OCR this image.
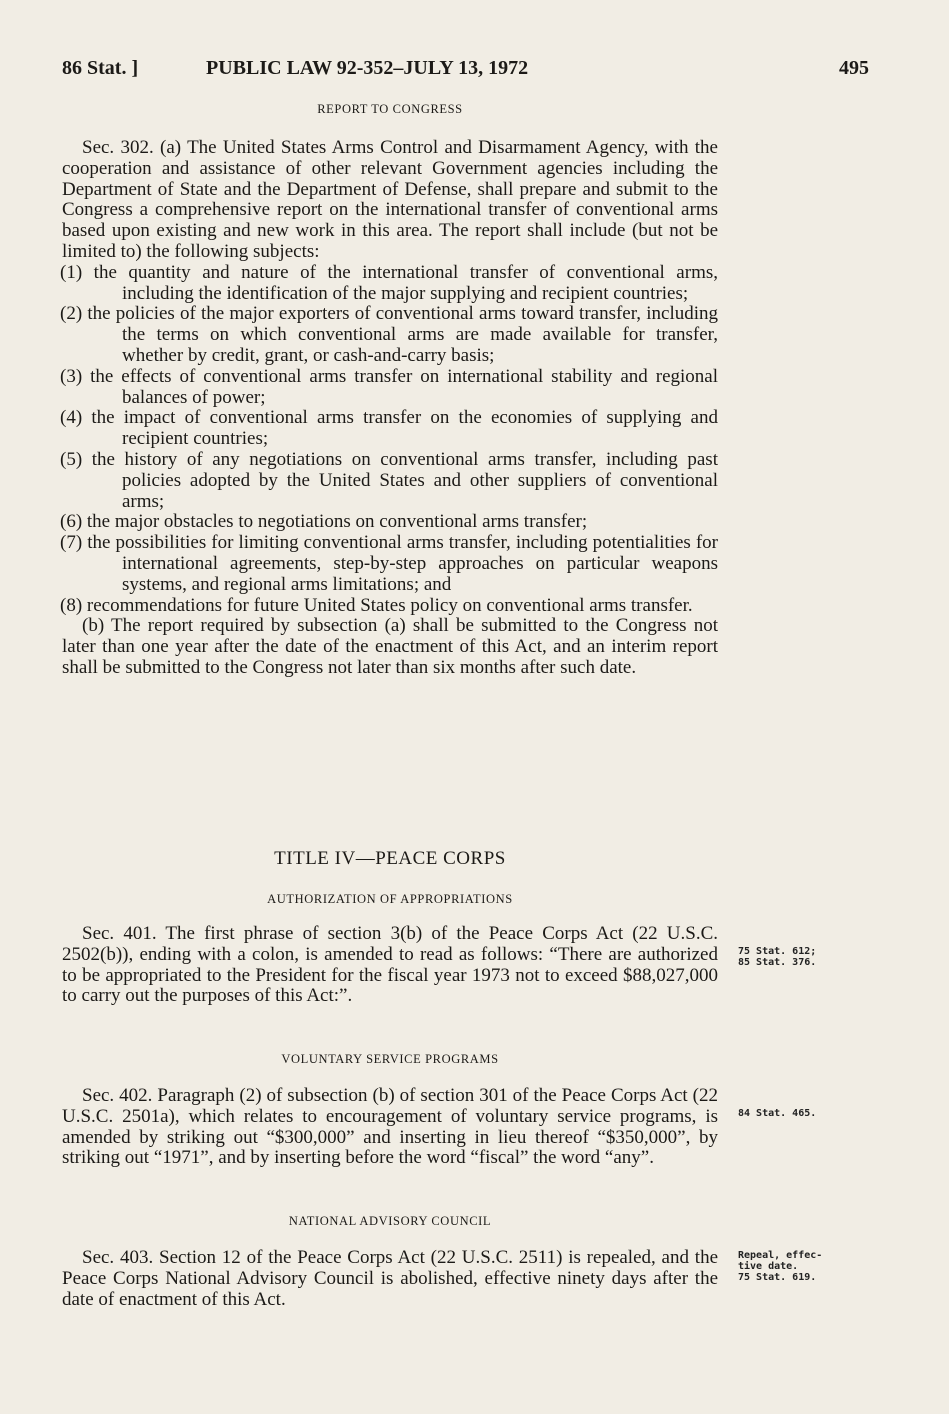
86 Stat. ]	PUBLIC LAW 92-352–JULY 13, 1972	495
REPORT TO CONGRESS

Sec. 302. (a) The United States Arms Control and Disarmament Agency, with the cooperation and assistance of other relevant Government agencies including the Department of State and the Department of Defense, shall prepare and submit to the Congress a comprehensive report on the international transfer of conventional arms based upon existing and new work in this area. The report shall include (but not be limited to) the following subjects:

(1) the quantity and nature of the international transfer of conventional arms, including the identification of the major supplying and recipient countries;

(2) the policies of the major exporters of conventional arms toward transfer, including the terms on which conventional arms are made available for transfer, whether by credit, grant, or cash-and-carry basis;

(3) the effects of conventional arms transfer on international stability and regional balances of power;

(4) the impact of conventional arms transfer on the economies of supplying and recipient countries;

(5) the history of any negotiations on conventional arms transfer, including past policies adopted by the United States and other suppliers of conventional arms;

(6) the major obstacles to negotiations on conventional arms transfer;

(7) the possibilities for limiting conventional arms transfer, including potentialities for international agreements, step-by-step approaches on particular weapons systems, and regional arms limitations; and

(8) recommendations for future United States policy on conventional arms transfer.

(b) The report required by subsection (a) shall be submitted to the Congress not later than one year after the date of the enactment of this Act, and an interim report shall be submitted to the Congress not later than six months after such date.

TITLE IV—PEACE CORPS
AUTHORIZATION OF APPROPRIATIONS

Sec. 401. The first phrase of section 3(b) of the Peace Corps Act (22 U.S.C. 2502(b)), ending with a colon, is amended to read as follows: “There are authorized to be appropriated to the President for the fiscal year 1973 not to exceed $88,027,000 to carry out the purposes of this Act:”.

75 Stat. 612;
85 Stat. 376.
VOLUNTARY SERVICE PROGRAMS

Sec. 402. Paragraph (2) of subsection (b) of section 301 of the Peace Corps Act (22 U.S.C. 2501a), which relates to encouragement of voluntary service programs, is amended by striking out “$300,000” and inserting in lieu thereof “$350,000”, by striking out “1971”, and by inserting before the word “fiscal” the word “any”.

84 Stat. 465.
NATIONAL ADVISORY COUNCIL

Sec. 403. Section 12 of the Peace Corps Act (22 U.S.C. 2511) is repealed, and the Peace Corps National Advisory Council is abolished, effective ninety days after the date of enactment of this Act.

Repeal, effec-
tive date.
75 Stat. 619.
